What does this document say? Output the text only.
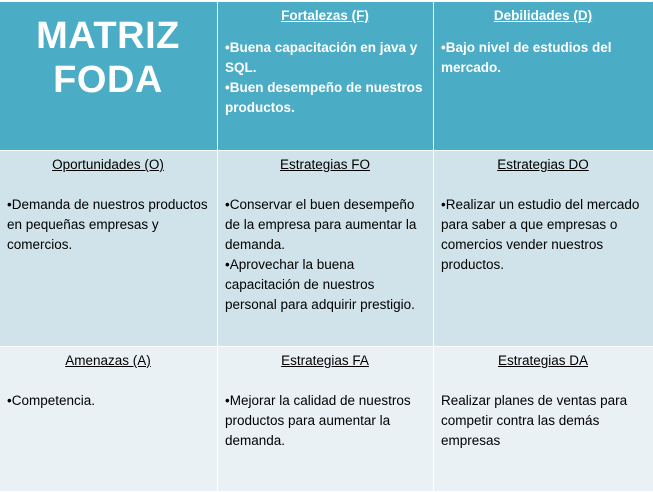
MATRIZ
FODA
Fortalezas (F)
• Buena capacitación en java y SQL.
• Buen desempeño de nuestros productos.
Debilidades (D)
• Bajo nivel de estudios del mercado.
Oportunidades (O)
• Demanda de nuestros productos en pequeñas empresas y comercios.
Estrategias FO
• Conservar el buen desempeño de la empresa para aumentar la demanda.
• Aprovechar la buena capacitación de nuestros personal para adquirir prestigio.
Estrategias DO
• Realizar un estudio del mercado para saber a que empresas o comercios vender nuestros productos.
Amenazas (A)
• Competencia.
Estrategias FA
• Mejorar la calidad de nuestros productos para aumentar la demanda.
Estrategias DA
Realizar planes de ventas para competir contra las demás empresas
